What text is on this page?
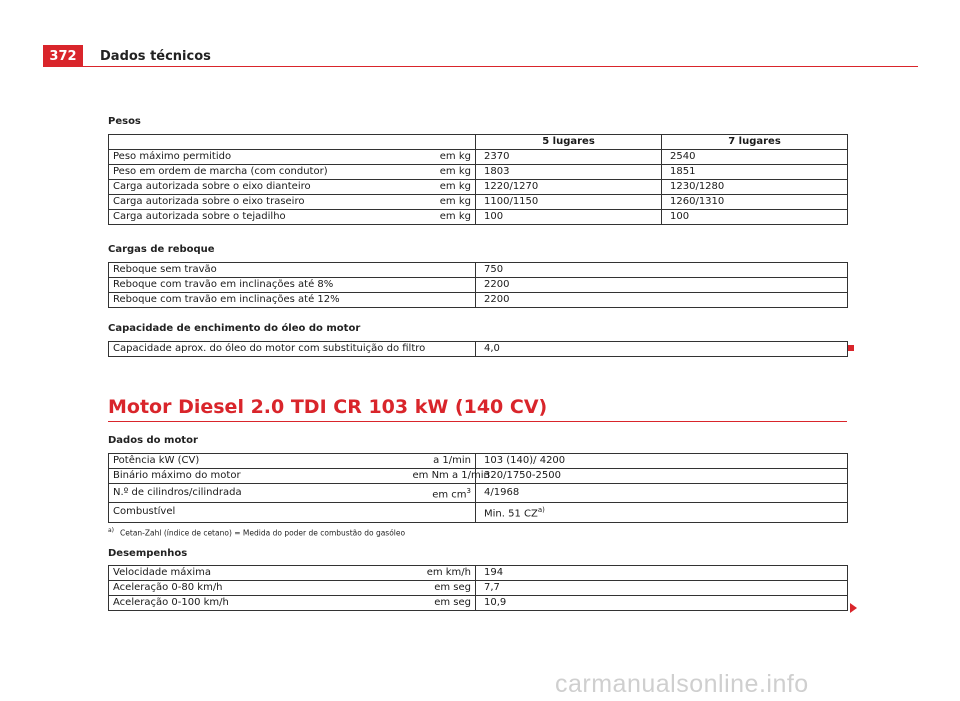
372	Dados técnicos
Pesos
		5 lugares	7 lugares
Peso máximo permitido	em kg	2370	2540
Peso em ordem de marcha (com condutor)	em kg	1803	1851
Carga autorizada sobre o eixo dianteiro	em kg	1220/1270	1230/1280
Carga autorizada sobre o eixo traseiro	em kg	1100/1150	1260/1310
Carga autorizada sobre o tejadilho	em kg	100	100
Cargas de reboque
Reboque sem travão	750
Reboque com travão em inclinações até 8%	2200
Reboque com travão em inclinações até 12%	2200
Capacidade de enchimento do óleo do motor
Capacidade aprox. do óleo do motor com substituição do filtro	4,0
Motor Diesel 2.0 TDI CR 103 kW (140 CV)
Dados do motor
Potência kW (CV)	a 1/min	103 (140)/ 4200
Binário máximo do motor	em Nm a 1/min	320/1750-2500
N.º de cilindros/cilindrada	em $cm^3$	4/1968
Combustível		Min. 51 CZ$^{a)}$
$^{a)}$ Cetan-Zahl (índice de cetano) = Medida do poder de combustão do gasóleo
Desempenhos
Velocidade máxima	em km/h	194
Aceleração 0-80 km/h	em seg	7,7
Aceleração 0-100 km/h	em seg	10,9
carmanualsonline.info
